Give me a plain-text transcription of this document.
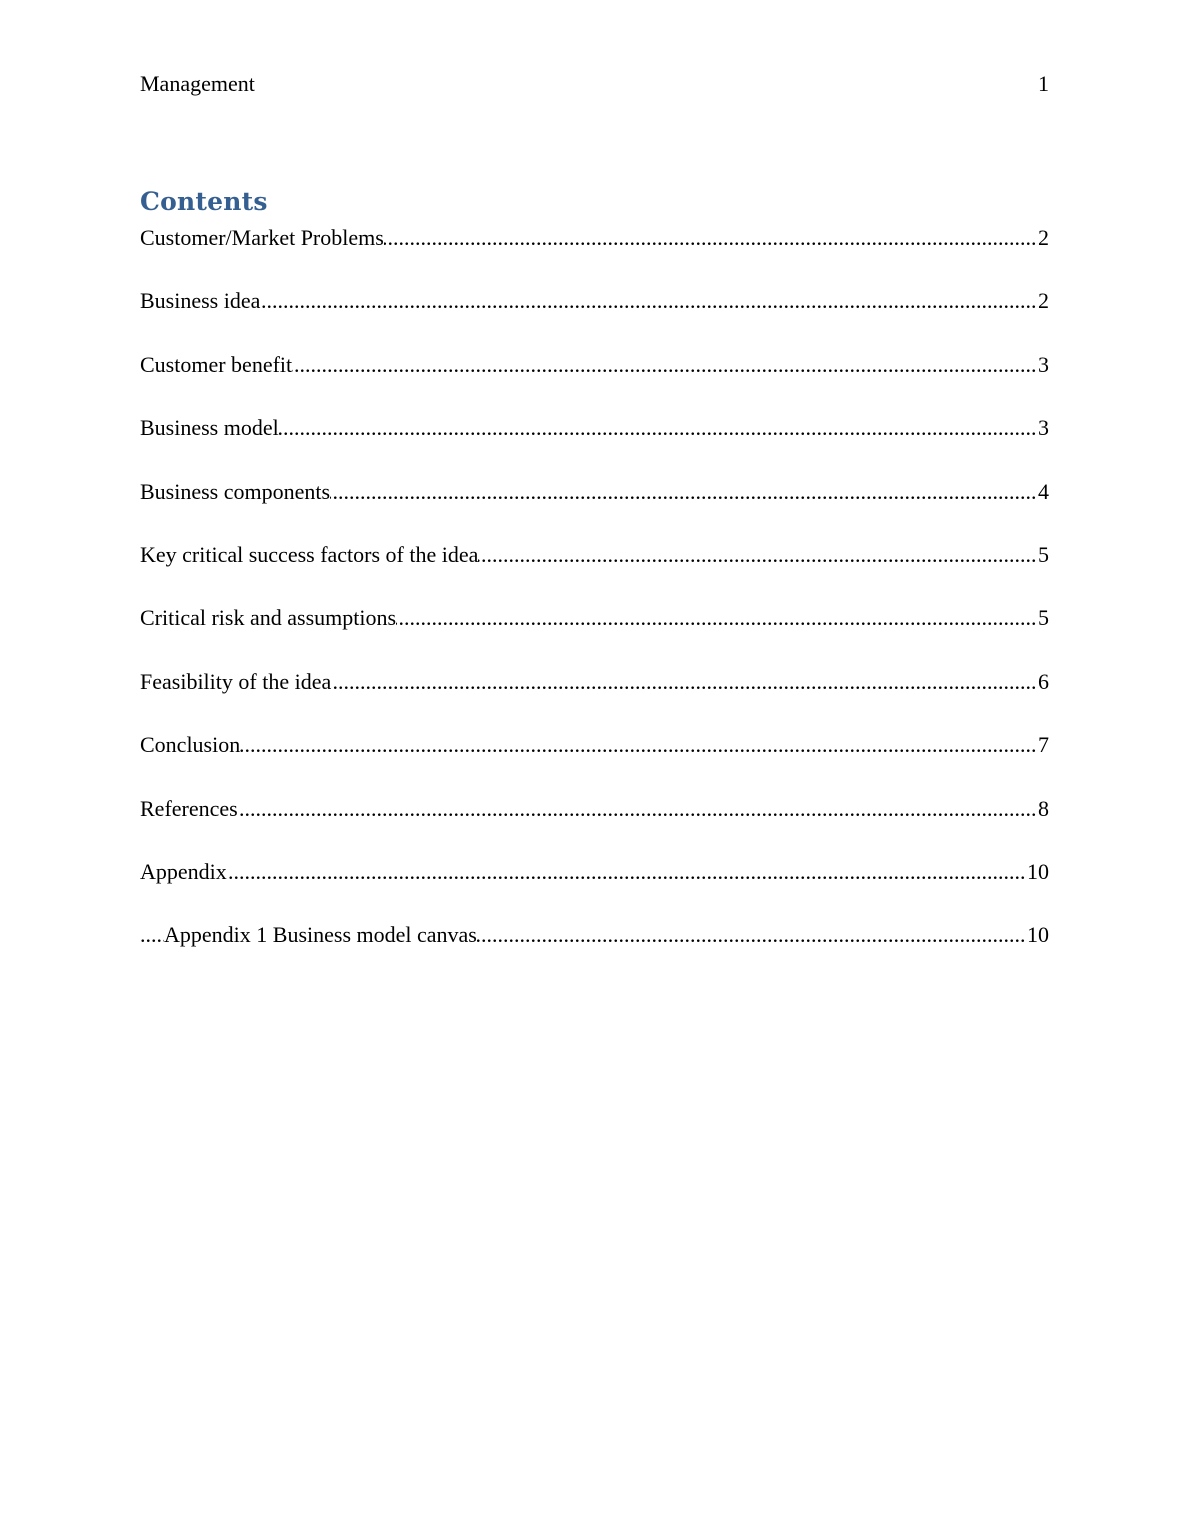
Management	1
Contents
.....
Customer/Market Problems	2
.....
Business idea	2
.....
Customer benefit	3
.....
Business model	3
.....
Business components	4
.....
Key critical success factors of the idea	5
.....
Critical risk and assumptions	5
.....
Feasibility of the idea	6
.....
Conclusion	7
.....
References	8
.....
Appendix	10
.....
Appendix 1 Business model canvas	10
